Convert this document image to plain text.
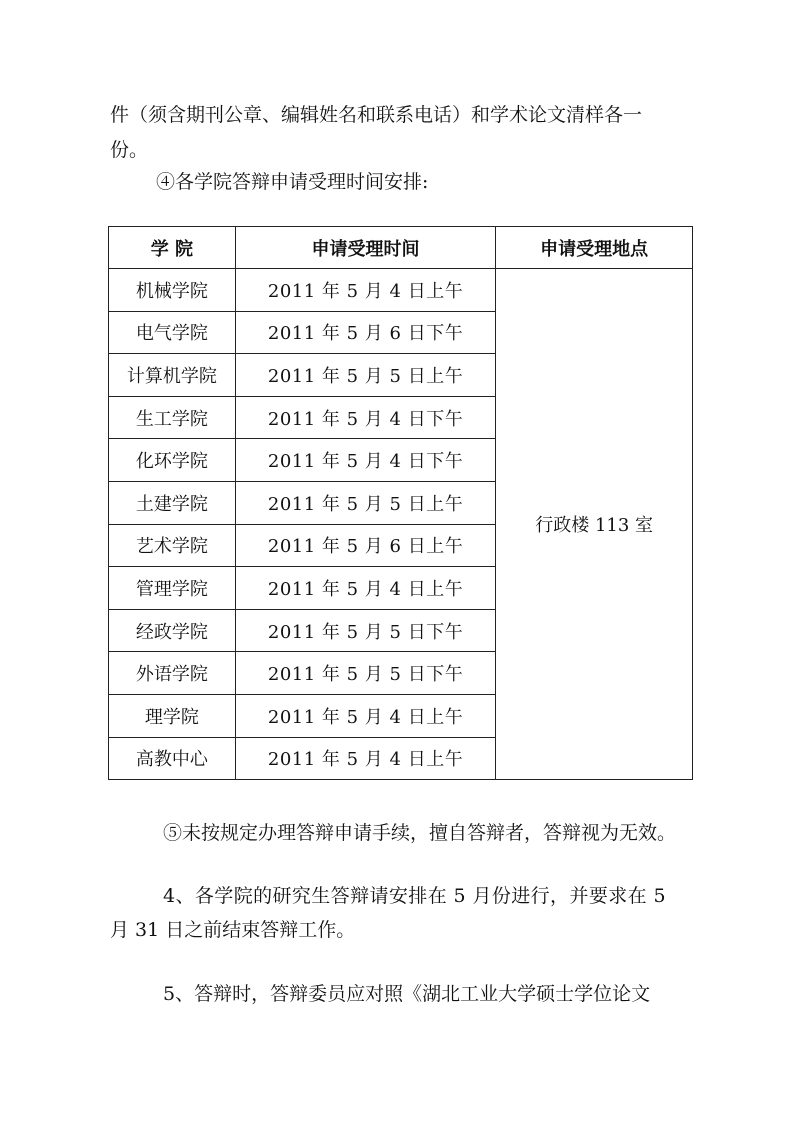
件（须含期刊公章、编辑姓名和联系电话）和学术论文清样各一
份。
④各学院答辩申请受理时间安排:
学 院	申请受理时间	申请受理地点
机械学院	2011 年 5 月 4 日上午	行政楼 113 室
电气学院	2011 年 5 月 6 日下午	
计算机学院	2011 年 5 月 5 日上午	
生工学院	2011 年 5 月 4 日下午	
化环学院	2011 年 5 月 4 日下午	
土建学院	2011 年 5 月 5 日上午	
艺术学院	2011 年 5 月 6 日上午	
管理学院	2011 年 5 月 4 日上午	
经政学院	2011 年 5 月 5 日下午	
外语学院	2011 年 5 月 5 日下午	
理学院	2011 年 5 月 4 日上午	
高教中心	2011 年 5 月 4 日上午	
⑤未按规定办理答辩申请手续，擅自答辩者，答辩视为无效。
4、各学院的研究生答辩请安排在 5 月份进行，并要求在 5
月 31 日之前结束答辩工作。
5、答辩时，答辩委员应对照《湖北工业大学硕士学位论文
